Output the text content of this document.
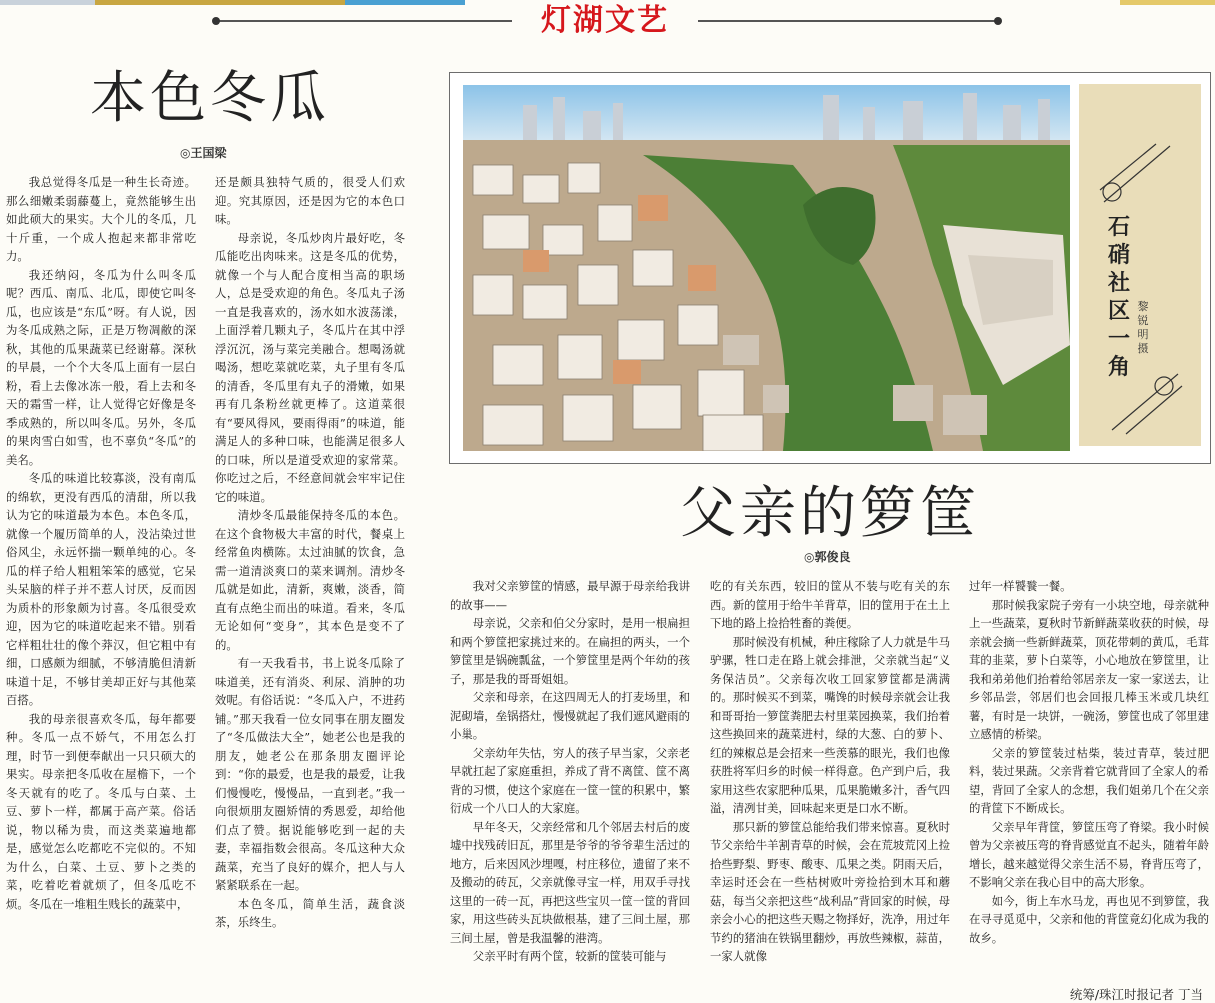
灯湖文艺
本色冬瓜
◎王国梁

我总觉得冬瓜是一种生长奇迹。那么细嫩柔弱藤蔓上，竟然能够生出如此硕大的果实。大个儿的冬瓜，几十斤重，一个成人抱起来都非常吃力。

我还纳闷，冬瓜为什么叫冬瓜呢？西瓜、南瓜、北瓜，即使它叫冬瓜，也应该是“东瓜”呀。有人说，因为冬瓜成熟之际，正是万物凋敝的深秋，其他的瓜果蔬菜已经谢幕。深秋的早晨，一个个大冬瓜上面有一层白粉，看上去像冰冻一般，看上去和冬天的霜雪一样，让人觉得它好像是冬季成熟的，所以叫冬瓜。另外，冬瓜的果肉雪白如雪，也不辜负“冬瓜”的美名。

冬瓜的味道比较寡淡，没有南瓜的绵软，更没有西瓜的清甜，所以我认为它的味道最为本色。本色冬瓜，就像一个履历简单的人，没沾染过世俗风尘，永远怀揣一颗单纯的心。冬瓜的样子给人粗粗笨笨的感觉，它呆头呆脑的样子并不惹人讨厌，反而因为质朴的形象颇为讨喜。冬瓜很受欢迎，因为它的味道吃起来不错。别看它样粗壮壮的像个莽汉，但它粗中有细，口感颇为细腻，不够清脆但清新味道十足，不够甘美却正好与其他菜百搭。

我的母亲很喜欢冬瓜，每年都要种。冬瓜一点不娇气，不用怎么打理，时节一到便奉献出一只只硕大的果实。母亲把冬瓜收在屋檐下，一个冬天就有的吃了。冬瓜与白菜、土豆、萝卜一样，都属于高产菜。俗话说，物以稀为贵，而这类菜遍地都是，感觉怎么吃都吃不完似的。不知为什么，白菜、土豆、萝卜之类的菜，吃着吃着就烦了，但冬瓜吃不烦。冬瓜在一堆粗生贱长的蔬菜中，

还是颇具独特气质的，很受人们欢迎。究其原因，还是因为它的本色口味。

母亲说，冬瓜炒肉片最好吃，冬瓜能吃出肉味来。这是冬瓜的优势，就像一个与人配合度相当高的职场人，总是受欢迎的角色。冬瓜丸子汤一直是我喜欢的，汤水如水波荡漾，上面浮着几颗丸子，冬瓜片在其中浮浮沉沉，汤与菜完美融合。想喝汤就喝汤，想吃菜就吃菜，丸子里有冬瓜的清香，冬瓜里有丸子的滑嫩，如果再有几条粉丝就更棒了。这道菜很有“要风得风，要雨得雨”的味道，能满足人的多种口味，也能满足很多人的口味，所以是道受欢迎的家常菜。你吃过之后，不经意间就会牢牢记住它的味道。

清炒冬瓜最能保持冬瓜的本色。在这个食物极大丰富的时代，餐桌上经常鱼肉横陈。太过油腻的饮食，急需一道清淡爽口的菜来调剂。清炒冬瓜就是如此，清新，爽嫩，淡香，简直有点绝尘而出的味道。看来，冬瓜无论如何“变身”，其本色是变不了的。

有一天我看书，书上说冬瓜除了味道美，还有消炎、利尿、消肿的功效呢。有俗话说：“冬瓜入户，不进药铺。”那天我看一位女同事在朋友圈发了“冬瓜做法大全”，她老公也是我的朋友，她老公在那条朋友圈评论到：“你的最爱，也是我的最爱，让我们慢慢吃，慢慢品，一直到老。”我一向很烦朋友圈矫情的秀恩爱，却给他们点了赞。据说能够吃到一起的夫妻，幸福指数会很高。冬瓜这种大众蔬菜，充当了良好的媒介，把人与人紧紧联系在一起。

本色冬瓜，简单生活，蔬食淡茶，乐终生。

石硝社区一角
黎锐明摄
父亲的箩筐
◎郭俊良

我对父亲箩筐的情感，最早源于母亲给我讲的故事——

母亲说，父亲和伯父分家时，是用一根扁担和两个箩筐把家挑过来的。在扁担的两头，一个箩筐里是锅碗瓢盆，一个箩筐里是两个年幼的孩子，那是我的哥哥姐姐。

父亲和母亲，在这四周无人的打麦场里，和泥砌墙，垒锅搭灶，慢慢就起了我们遮风避雨的小巢。

父亲幼年失怙，穷人的孩子早当家，父亲老早就扛起了家庭重担，养成了背不离筐、筐不离背的习惯，使这个家庭在一筐一筐的积累中，繁衍成一个八口人的大家庭。

早年冬天，父亲经常和几个邻居去村后的废墟中找残砖旧瓦，那里是爷爷的爷爷辈生活过的地方，后来因风沙埋嘎，村庄移位，遗留了来不及搬动的砖瓦，父亲就像寻宝一样，用双手寻找这里的一砖一瓦，再把这些宝贝一筐一筐的背回家，用这些砖头瓦块做根基，建了三间土屋，那三间土屋，曾是我温馨的港湾。

父亲平时有两个筐，较新的筐装可能与

吃的有关东西，较旧的筐从不装与吃有关的东西。新的筐用于给牛羊背草，旧的筐用于在土上下地的路上捡拾牲畜的粪便。

那时候没有机械，种庄稼除了人力就是牛马驴骡，牲口走在路上就会排泄，父亲就当起“义务保洁员”。父亲每次收工回家箩筐都是满满的。那时候买不到菜，嘴馋的时候母亲就会让我和哥哥抬一箩筐粪肥去村里菜园换菜，我们抬着这些换回来的蔬菜进村，绿的大葱、白的萝卜、红的辣椒总是会招来一些羡慕的眼光，我们也像获胜将军归乡的时候一样得意。色产到户后，我家用这些农家肥种瓜果，瓜果脆嫩多汁，香气四溢，清冽甘美，回味起来更是口水不断。

那只新的箩筐总能给我们带来惊喜。夏秋时节父亲给牛羊割青草的时候，会在荒坡荒冈上捡拾些野梨、野枣、酸枣、瓜果之类。阴雨天后，幸运时还会在一些枯树败叶旁捡拾到木耳和蘑菇，每当父亲把这些“战利品”背回家的时候，母亲会小心的把这些天赐之物择好，洗净，用过年节约的猪油在铁锅里翻炒，再放些辣椒，蒜苗，一家人就像

过年一样饕餮一餐。

那时候我家院子旁有一小块空地，母亲就种上一些蔬菜，夏秋时节新鲜蔬菜收获的时候，母亲就会摘一些新鲜蔬菜，顶花带刺的黄瓜，毛茸茸的韭菜，萝卜白菜等，小心地放在箩筐里，让我和弟弟他们抬着给邻居亲友一家一家送去，让乡邻品尝，邻居们也会回报几棒玉米或几块红薯，有时是一块饼，一碗汤，箩筐也成了邻里建立感情的桥梁。

父亲的箩筐装过枯柴，装过青草，装过肥料，装过果蔬。父亲背着它就背回了全家人的希望，背回了全家人的念想，我们姐弟几个在父亲的背筐下不断成长。

父亲早年背筐，箩筐压弯了脊梁。我小时候曾为父亲被压弯的脊背感觉直不起头，随着年龄增长，越来越觉得父亲生活不易，脊背压弯了，不影响父亲在我心目中的高大形象。

如今，街上车水马龙，再也见不到箩筐，我在寻寻觅觅中，父亲和他的背筐竟幻化成为我的故乡。

统筹/珠江时报记者 丁当
